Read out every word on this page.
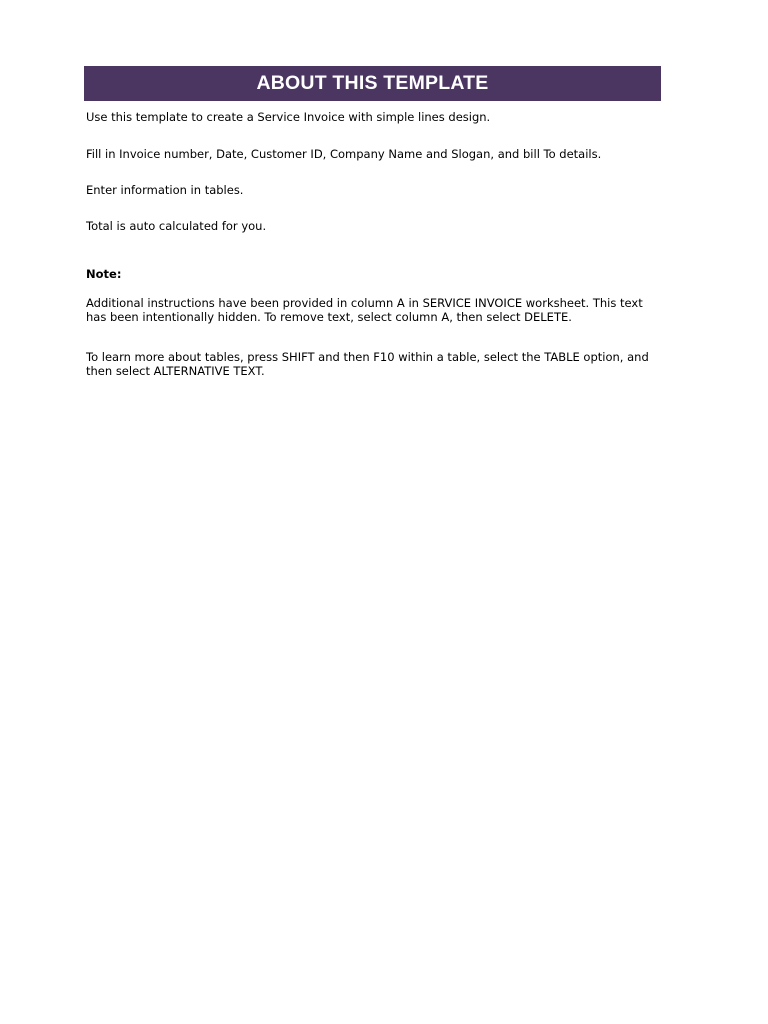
ABOUT THIS TEMPLATE
Use this template to create a Service Invoice with simple lines design.
Fill in Invoice number, Date, Customer ID, Company Name and Slogan, and bill To details.
Enter information in tables.
Total is auto calculated for you.
Note:
Additional instructions have been provided in column A in SERVICE INVOICE worksheet. This text has been intentionally hidden. To remove text, select column A, then select DELETE.
To learn more about tables, press SHIFT and then F10 within a table, select the TABLE option, and then select ALTERNATIVE TEXT.
